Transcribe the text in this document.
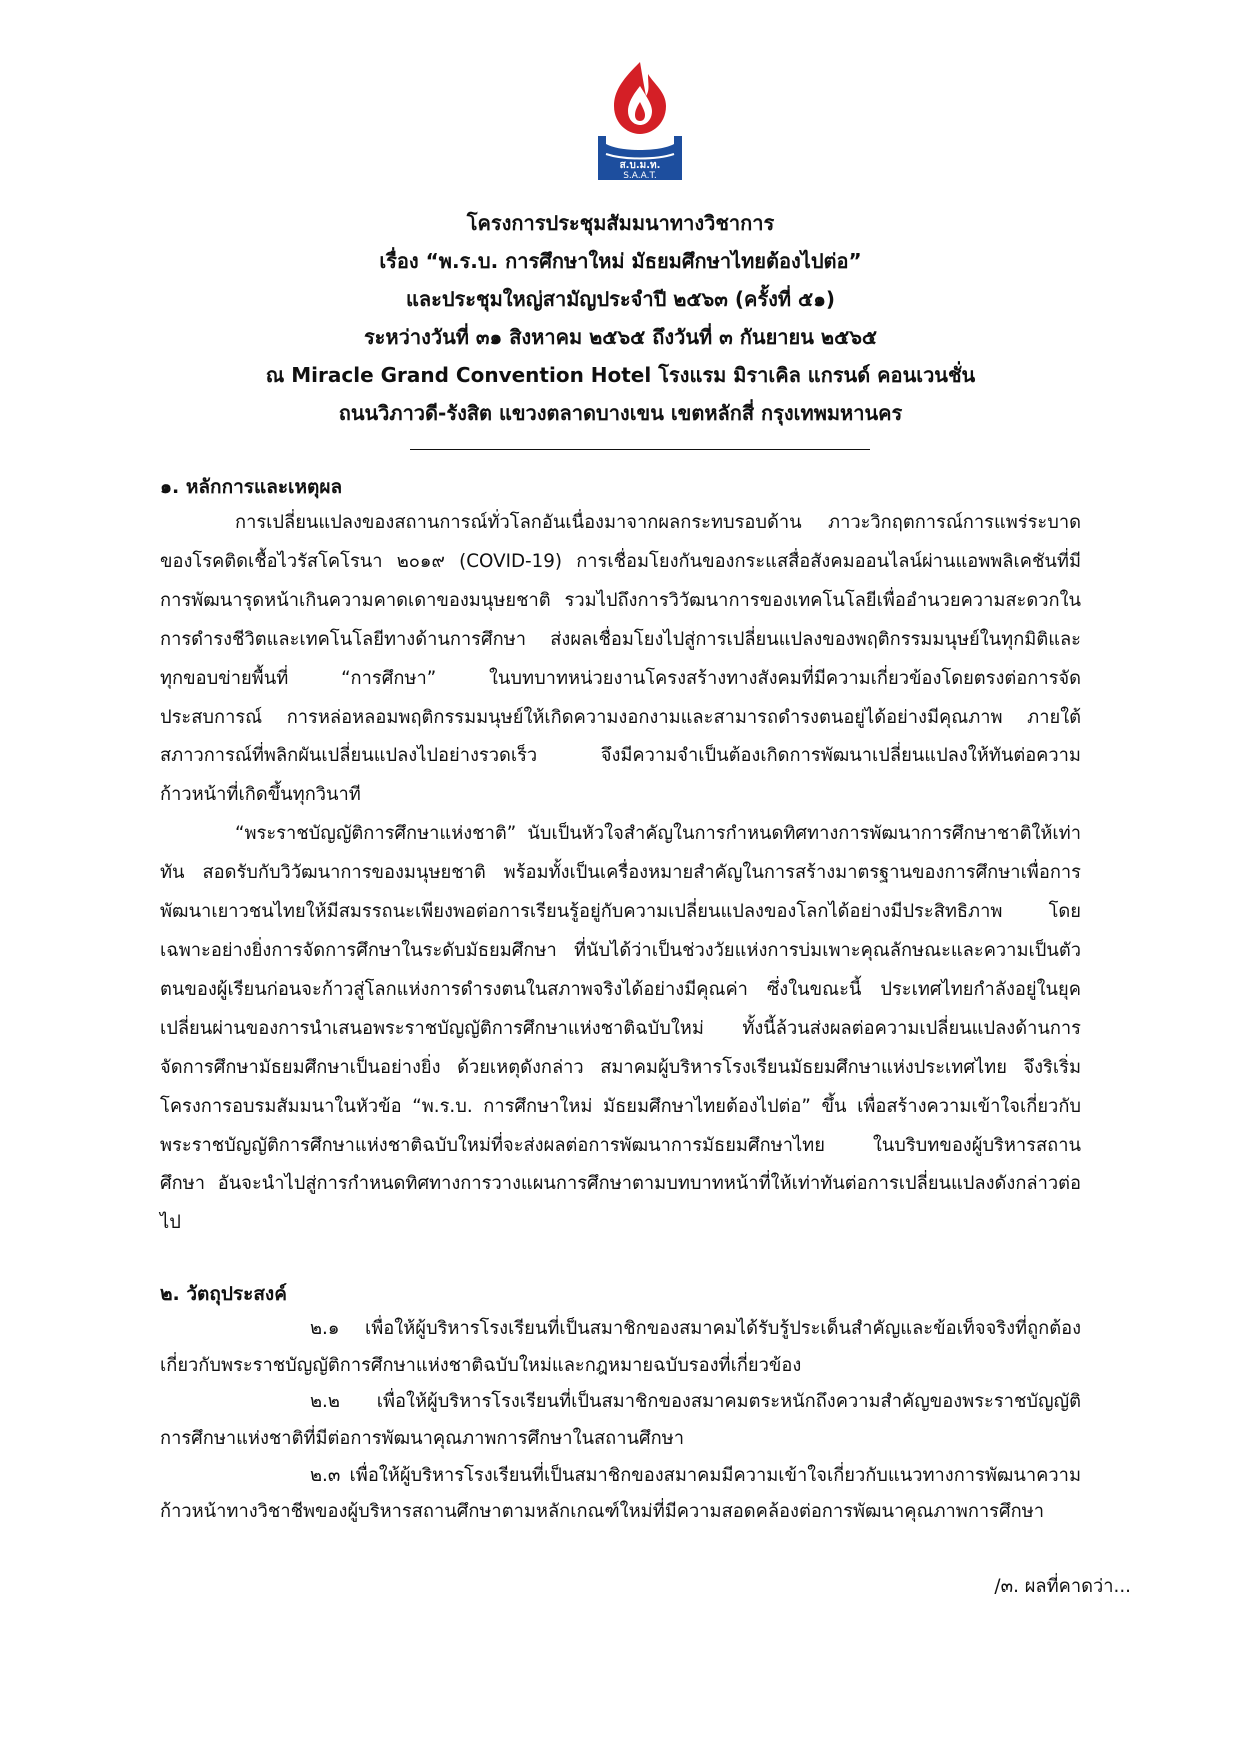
ส.บ.ม.ท.
S.A.A.T.
โครงการประชุมสัมมนาทางวิชาการ
เรื่อง “พ.ร.บ. การศึกษาใหม่ มัธยมศึกษาไทยต้องไปต่อ”
และประชุมใหญ่สามัญประจำปี ๒๕๖๓ (ครั้งที่ ๕๑)
ระหว่างวันที่ ๓๑ สิงหาคม ๒๕๖๕ ถึงวันที่ ๓ กันยายน ๒๕๖๕
ณ Miracle Grand Convention Hotel โรงแรม มิราเคิล แกรนด์ คอนเวนชั่น
ถนนวิภาวดี-รังสิต แขวงตลาดบางเขน เขตหลักสี่ กรุงเทพมหานคร
๑. หลักการและเหตุผล

การเปลี่ยนแปลงของสถานการณ์ทั่วโลกอันเนื่องมาจากผลกระทบรอบด้าน ภาวะวิกฤตการณ์การแพร่ระบาดของโรคติดเชื้อไวรัสโคโรนา ๒๐๑๙ (COVID-19) การเชื่อมโยงกันของกระแสสื่อสังคมออนไลน์ผ่านแอพพลิเคชันที่มีการพัฒนารุดหน้าเกินความคาดเดาของมนุษยชาติ รวมไปถึงการวิวัฒนาการของเทคโนโลยีเพื่ออำนวยความสะดวกในการดำรงชีวิตและเทคโนโลยีทางด้านการศึกษา ส่งผลเชื่อมโยงไปสู่การเปลี่ยนแปลงของพฤติกรรมมนุษย์ในทุกมิติและทุกขอบข่ายพื้นที่ “การศึกษา” ในบทบาทหน่วยงานโครงสร้างทางสังคมที่มีความเกี่ยวข้องโดยตรงต่อการจัดประสบการณ์ การหล่อหลอมพฤติกรรมมนุษย์ให้เกิดความงอกงามและสามารถดำรงตนอยู่ได้อย่างมีคุณภาพ ภายใต้สภาวการณ์ที่พลิกผันเปลี่ยนแปลงไปอย่างรวดเร็ว จึงมีความจำเป็นต้องเกิดการพัฒนาเปลี่ยนแปลงให้ทันต่อความก้าวหน้าที่เกิดขึ้นทุกวินาที

“พระราชบัญญัติการศึกษาแห่งชาติ” นับเป็นหัวใจสำคัญในการกำหนดทิศทางการพัฒนาการศึกษาชาติให้เท่าทัน สอดรับกับวิวัฒนาการของมนุษยชาติ พร้อมทั้งเป็นเครื่องหมายสำคัญในการสร้างมาตรฐานของการศึกษาเพื่อการพัฒนาเยาวชนไทยให้มีสมรรถนะเพียงพอต่อการเรียนรู้อยู่กับความเปลี่ยนแปลงของโลกได้อย่างมีประสิทธิภาพ โดยเฉพาะอย่างยิ่งการจัดการศึกษาในระดับมัธยมศึกษา ที่นับได้ว่าเป็นช่วงวัยแห่งการบ่มเพาะคุณลักษณะและความเป็นตัวตนของผู้เรียนก่อนจะก้าวสู่โลกแห่งการดำรงตนในสภาพจริงได้อย่างมีคุณค่า ซึ่งในขณะนี้ ประเทศไทยกำลังอยู่ในยุคเปลี่ยนผ่านของการนำเสนอพระราชบัญญัติการศึกษาแห่งชาติฉบับใหม่ ทั้งนี้ล้วนส่งผลต่อความเปลี่ยนแปลงด้านการจัดการศึกษามัธยมศึกษาเป็นอย่างยิ่ง ด้วยเหตุดังกล่าว สมาคมผู้บริหารโรงเรียนมัธยมศึกษาแห่งประเทศไทย จึงริเริ่มโครงการอบรมสัมมนาในหัวข้อ “พ.ร.บ. การศึกษาใหม่ มัธยมศึกษาไทยต้องไปต่อ” ขึ้น เพื่อสร้างความเข้าใจเกี่ยวกับพระราชบัญญัติการศึกษาแห่งชาติฉบับใหม่ที่จะส่งผลต่อการพัฒนาการมัธยมศึกษาไทย ในบริบทของผู้บริหารสถานศึกษา อันจะนำไปสู่การกำหนดทิศทางการวางแผนการศึกษาตามบทบาทหน้าที่ให้เท่าทันต่อการเปลี่ยนแปลงดังกล่าวต่อไป

๒. วัตถุประสงค์

๒.๑ เพื่อให้ผู้บริหารโรงเรียนที่เป็นสมาชิกของสมาคมได้รับรู้ประเด็นสำคัญและข้อเท็จจริงที่ถูกต้องเกี่ยวกับพระราชบัญญัติการศึกษาแห่งชาติฉบับใหม่และกฎหมายฉบับรองที่เกี่ยวข้อง

๒.๒ เพื่อให้ผู้บริหารโรงเรียนที่เป็นสมาชิกของสมาคมตระหนักถึงความสำคัญของพระราชบัญญัติการศึกษาแห่งชาติที่มีต่อการพัฒนาคุณภาพการศึกษาในสถานศึกษา

๒.๓ เพื่อให้ผู้บริหารโรงเรียนที่เป็นสมาชิกของสมาคมมีความเข้าใจเกี่ยวกับแนวทางการพัฒนาความก้าวหน้าทางวิชาชีพของผู้บริหารสถานศึกษาตามหลักเกณฑ์ใหม่ที่มีความสอดคล้องต่อการพัฒนาคุณภาพการศึกษา

/๓. ผลที่คาดว่า...
